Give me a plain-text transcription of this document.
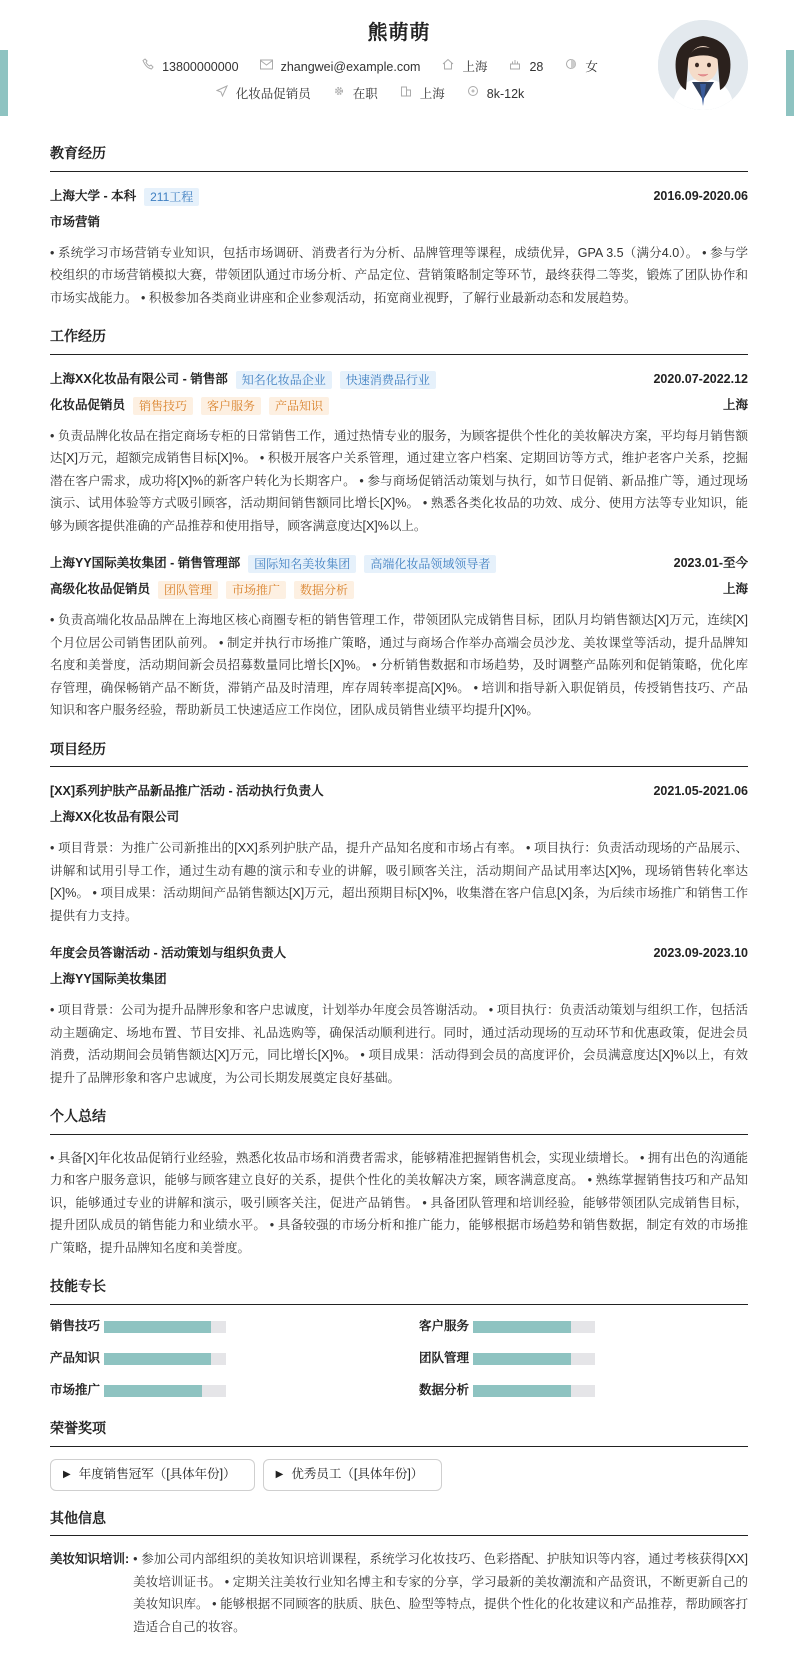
熊萌萌
13800000000	zhangwei@example.com	上海	28	女
化妆品促销员	在职	上海	8k-12k
教育经历
上海大学 - 本科	211工程	2016.09-2020.06
市场营销
• 系统学习市场营销专业知识，包括市场调研、消费者行为分析、品牌管理等课程，成绩优异，GPA 3.5（满分4.0）。 • 参与学校组织的市场营销模拟大赛，带领团队通过市场分析、产品定位、营销策略制定等环节，最终获得二等奖，锻炼了团队协作和市场实战能力。 • 积极参加各类商业讲座和企业参观活动，拓宽商业视野，了解行业最新动态和发展趋势。
工作经历
上海XX化妆品有限公司 - 销售部	知名化妆品企业	快速消费品行业	2020.07-2022.12
化妆品促销员	销售技巧	客户服务	产品知识	上海
• 负责品牌化妆品在指定商场专柜的日常销售工作，通过热情专业的服务，为顾客提供个性化的美妆解决方案，平均每月销售额达[X]万元，超额完成销售目标[X]%。 • 积极开展客户关系管理，通过建立客户档案、定期回访等方式，维护老客户关系，挖掘潜在客户需求，成功将[X]%的新客户转化为长期客户。 • 参与商场促销活动策划与执行，如节日促销、新品推广等，通过现场演示、试用体验等方式吸引顾客，活动期间销售额同比增长[X]%。 • 熟悉各类化妆品的功效、成分、使用方法等专业知识，能够为顾客提供准确的产品推荐和使用指导，顾客满意度达[X]%以上。
上海YY国际美妆集团 - 销售管理部	国际知名美妆集团	高端化妆品领域领导者	2023.01-至今
高级化妆品促销员	团队管理	市场推广	数据分析	上海
• 负责高端化妆品品牌在上海地区核心商圈专柜的销售管理工作，带领团队完成销售目标，团队月均销售额达[X]万元，连续[X]个月位居公司销售团队前列。 • 制定并执行市场推广策略，通过与商场合作举办高端会员沙龙、美妆课堂等活动，提升品牌知名度和美誉度，活动期间新会员招募数量同比增长[X]%。 • 分析销售数据和市场趋势，及时调整产品陈列和促销策略，优化库存管理，确保畅销产品不断货，滞销产品及时清理，库存周转率提高[X]%。 • 培训和指导新入职促销员，传授销售技巧、产品知识和客户服务经验，帮助新员工快速适应工作岗位，团队成员销售业绩平均提升[X]%。
项目经历
[XX]系列护肤产品新品推广活动 - 活动执行负责人	2021.05-2021.06
上海XX化妆品有限公司
• 项目背景：为推广公司新推出的[XX]系列护肤产品，提升产品知名度和市场占有率。 • 项目执行：负责活动现场的产品展示、讲解和试用引导工作，通过生动有趣的演示和专业的讲解，吸引顾客关注，活动期间产品试用率达[X]%，现场销售转化率达[X]%。 • 项目成果：活动期间产品销售额达[X]万元，超出预期目标[X]%，收集潜在客户信息[X]条，为后续市场推广和销售工作提供有力支持。
年度会员答谢活动 - 活动策划与组织负责人	2023.09-2023.10
上海YY国际美妆集团
• 项目背景：公司为提升品牌形象和客户忠诚度，计划举办年度会员答谢活动。 • 项目执行：负责活动策划与组织工作，包括活动主题确定、场地布置、节目安排、礼品选购等，确保活动顺利进行。同时，通过活动现场的互动环节和优惠政策，促进会员消费，活动期间会员销售额达[X]万元，同比增长[X]%。 • 项目成果：活动得到会员的高度评价，会员满意度达[X]%以上，有效提升了品牌形象和客户忠诚度，为公司长期发展奠定良好基础。
个人总结
• 具备[X]年化妆品促销行业经验，熟悉化妆品市场和消费者需求，能够精准把握销售机会，实现业绩增长。 • 拥有出色的沟通能力和客户服务意识，能够与顾客建立良好的关系，提供个性化的美妆解决方案，顾客满意度高。 • 熟练掌握销售技巧和产品知识，能够通过专业的讲解和演示，吸引顾客关注，促进产品销售。 • 具备团队管理和培训经验，能够带领团队完成销售目标，提升团队成员的销售能力和业绩水平。 • 具备较强的市场分析和推广能力，能够根据市场趋势和销售数据，制定有效的市场推广策略，提升品牌知名度和美誉度。
技能专长
销售技巧	客户服务
产品知识	团队管理
市场推广	数据分析
荣誉奖项
▶ 年度销售冠军（[具体年份]）	▶ 优秀员工（[具体年份]）
其他信息
美妆知识培训: • 参加公司内部组织的美妆知识培训课程，系统学习化妆技巧、色彩搭配、护肤知识等内容，通过考核获得[XX]美妆培训证书。 • 定期关注美妆行业知名博主和专家的分享，学习最新的美妆潮流和产品资讯，不断更新自己的美妆知识库。 • 能够根据不同顾客的肤质、肤色、脸型等特点，提供个性化的化妆建议和产品推荐，帮助顾客打造适合自己的妆容。
